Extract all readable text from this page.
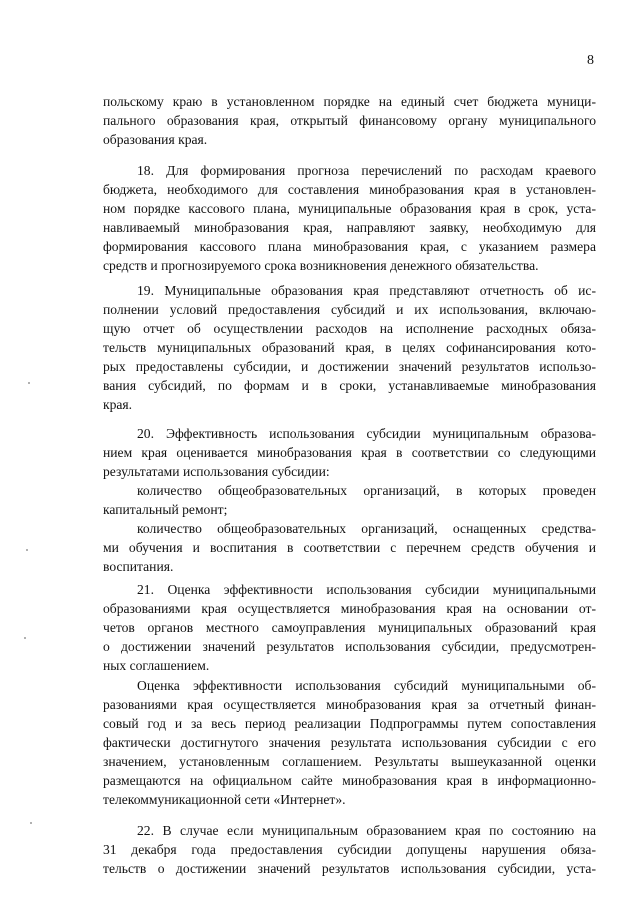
8
польскому краю в установленном порядке на единый счет бюджета муници-
пального образования края, открытый финансовому органу муниципального
образования края.
18. Для формирования прогноза перечислений по расходам краевого
бюджета, необходимого для составления минобразования края в установлен-
ном порядке кассового плана, муниципальные образования края в срок, уста-
навливаемый минобразования края, направляют заявку, необходимую для
формирования кассового плана минобразования края, с указанием размера
средств и прогнозируемого срока возникновения денежного обязательства.
19. Муниципальные образования края представляют отчетность об ис-
полнении условий предоставления субсидий и их использования, включаю-
щую отчет об осуществлении расходов на исполнение расходных обяза-
тельств муниципальных образований края, в целях софинансирования кото-
рых предоставлены субсидии, и достижении значений результатов использо-
вания субсидий, по формам и в сроки, устанавливаемые минобразования
края.
20. Эффективность использования субсидии муниципальным образова-
нием края оценивается минобразования края в соответствии со следующими
результатами использования субсидии:
количество общеобразовательных организаций, в которых проведен
капитальный ремонт;
количество общеобразовательных организаций, оснащенных средства-
ми обучения и воспитания в соответствии с перечнем средств обучения и
воспитания.
21. Оценка эффективности использования субсидии муниципальными
образованиями края осуществляется минобразования края на основании от-
четов органов местного самоуправления муниципальных образований края
о достижении значений результатов использования субсидии, предусмотрен-
ных соглашением.
Оценка эффективности использования субсидий муниципальными об-
разованиями края осуществляется минобразования края за отчетный финан-
совый год и за весь период реализации Подпрограммы путем сопоставления
фактически достигнутого значения результата использования субсидии с его
значением, установленным соглашением. Результаты вышеуказанной оценки
размещаются на официальном сайте минобразования края в информационно-
телекоммуникационной сети «Интернет».
22. В случае если муниципальным образованием края по состоянию на
31 декабря года предоставления субсидии допущены нарушения обяза-
тельств о достижении значений результатов использования субсидии, уста-
